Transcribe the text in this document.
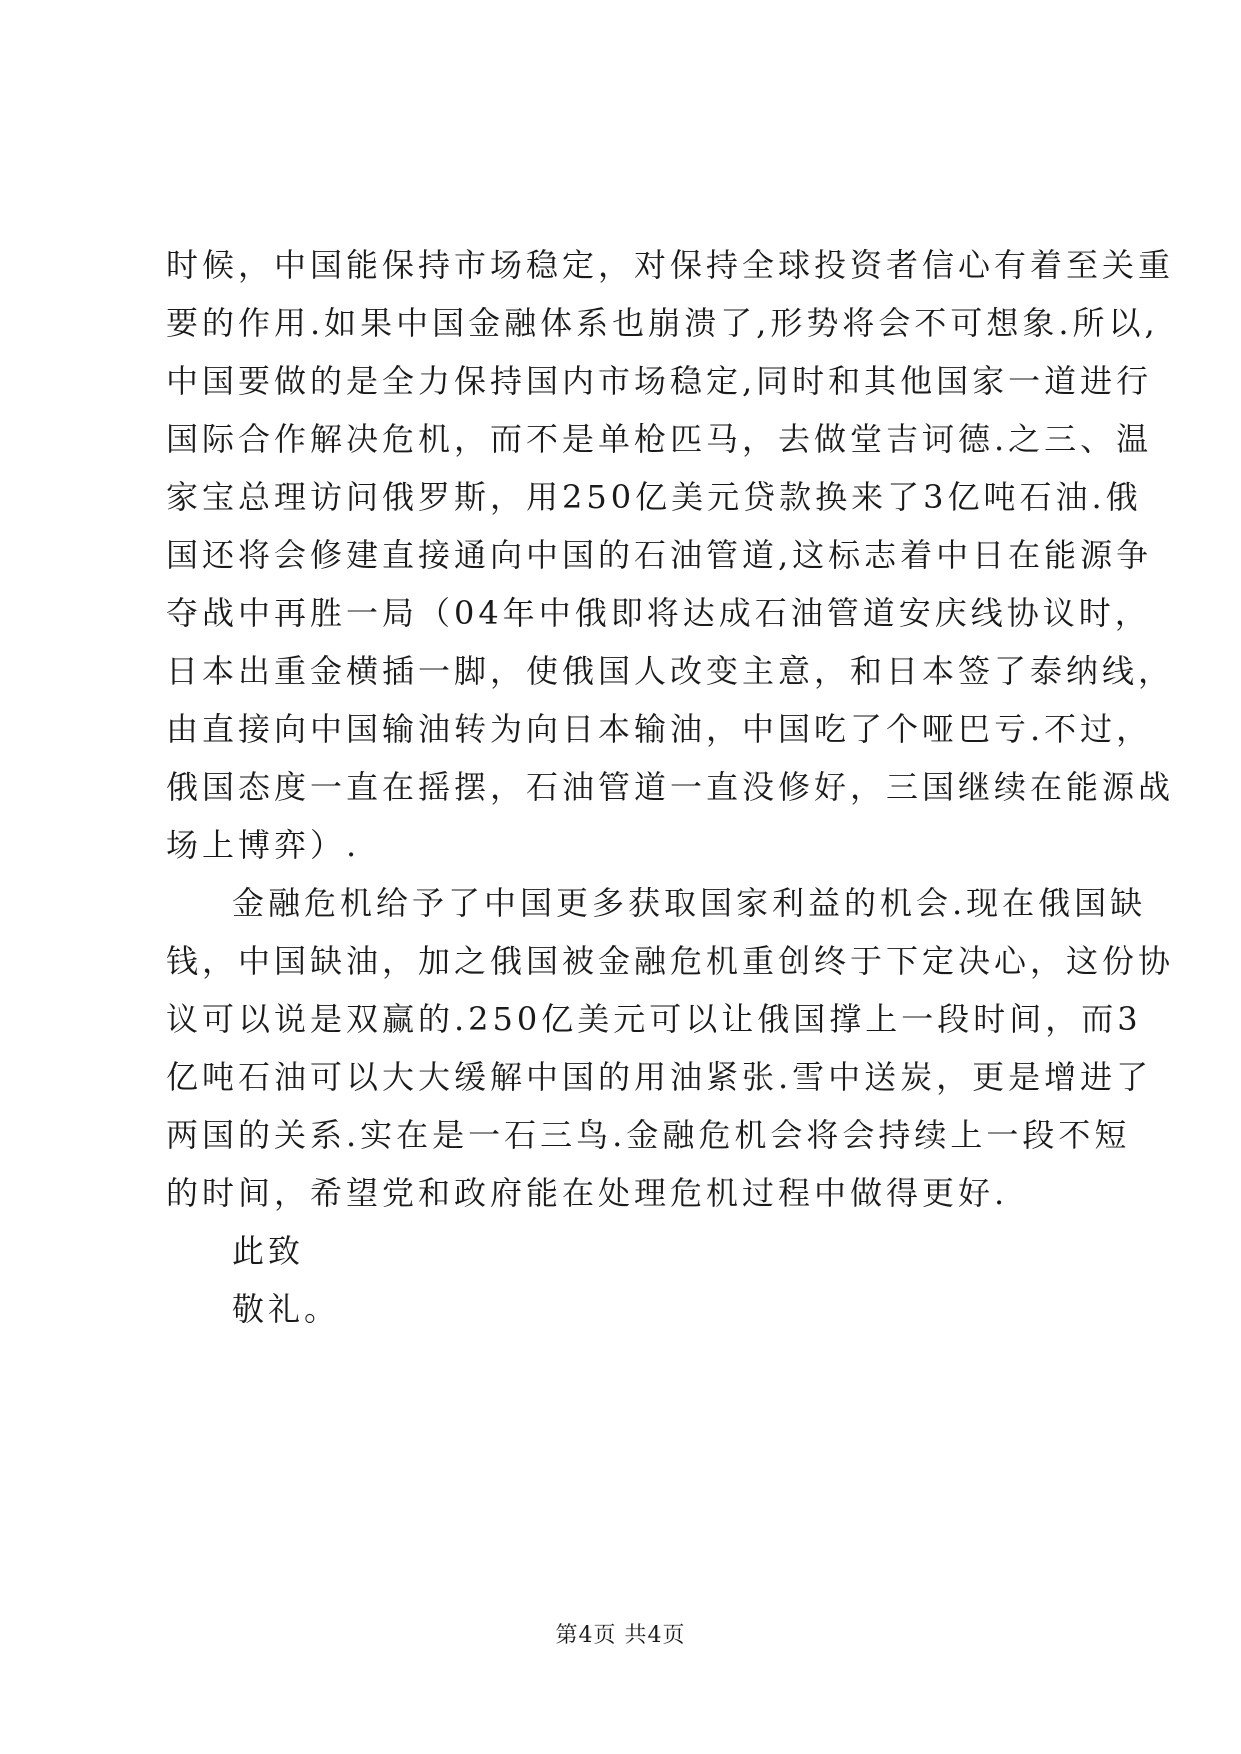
时候，中国能保持市场稳定，对保持全球投资者信心有着至关重
要的作用.如果中国金融体系也崩溃了,形势将会不可想象.所以,
中国要做的是全力保持国内市场稳定,同时和其他国家一道进行
国际合作解决危机，而不是单枪匹马，去做堂吉诃德.之三、温
家宝总理访问俄罗斯，用250亿美元贷款换来了3亿吨石油.俄
国还将会修建直接通向中国的石油管道,这标志着中日在能源争
夺战中再胜一局（04年中俄即将达成石油管道安庆线协议时，
日本出重金横插一脚，使俄国人改变主意，和日本签了泰纳线，
由直接向中国输油转为向日本输油，中国吃了个哑巴亏.不过，
俄国态度一直在摇摆，石油管道一直没修好，三国继续在能源战
场上博弈）.
金融危机给予了中国更多获取国家利益的机会.现在俄国缺
钱，中国缺油，加之俄国被金融危机重创终于下定决心，这份协
议可以说是双赢的.250亿美元可以让俄国撑上一段时间，而3
亿吨石油可以大大缓解中国的用油紧张.雪中送炭，更是增进了
两国的关系.实在是一石三鸟.金融危机会将会持续上一段不短
的时间，希望党和政府能在处理危机过程中做得更好.
此致
敬礼。
第4页 共4页
